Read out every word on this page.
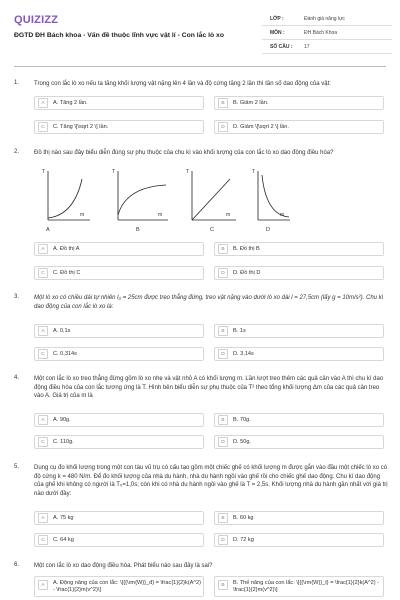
QUIZIZZ
ĐGTD ĐH Bách khoa - Vấn đề thuộc lĩnh vực vật lí - Con lắc lò xo
LỚP :	Đánh giá năng lực
MÔN :	ĐH Bách Khoa
SỐ CÂU :	17
1. Trong con lắc lò xo nếu ta tăng khối lượng vật nặng lên 4 lần và độ cứng tăng 2 lần thì tần số dao động của vật:
A	A. Tăng 2 lần.	B	B. Giảm 2 lần.
C	C. Tăng \[\sqrt 2 \] lần.	D	D. Giảm \[\sqrt 2 \] lần.
2. Đồ thị nào sau đây biểu diễn đúng sự phụ thuộc của chu kì vào khối lượng của con lắc lò xo dao động điều hòa?
T
m
T
m
T
m
T
m
A	B	C	D
A	A. Đồ thị A	B	B. Đồ thị B
C	C. Đồ thị C	D	D. Đồ thị D
3. Một lò xo có chiều dài tự nhiên l₀ = 25cm được treo thẳng đứng, treo vật nặng vào dưới lò xo dài l = 27,5cm (lấy g = 10m/s²). Chu kì dao động của con lắc lò xo là:
A	A. 0,1s	B	B. 1s
C	C. 0,314s	D	D. 3,14s
4. Một con lắc lò xo treo thẳng đứng gồm lò xo nhẹ và vật nhỏ A có khối lượng m. Lần lượt treo thêm các quả cân vào A thì chu kì dao động điều hòa của con lắc tương ứng là T. Hình bên biểu diễn sự phụ thuộc của T² theo tổng khối lượng Δm của các quả cân treo vào A. Giá trị của m là
A	A. 90g.	B	B. 70g.
C	C. 110g.	D	D. 50g.
5. Dụng cụ đo khối lượng trong một con tàu vũ trụ có cấu tạo gồm một chiếc ghế có khối lượng m được gắn vào đầu một chiếc lò xo có độ cứng k = 480 N/m. Để đo khối lượng của nhà du hành, nhà du hành ngồi vào ghế rồi cho chiếc ghế dao động. Chu kì dao động của ghế khi không có người là T₀=1,0s; còn khi có nhà du hành ngồi vào ghế là T = 2,5s. Khối lượng nhà du hành gần nhất với giá trị nào dưới đây:
A	A. 75 kg	B	B. 60 kg
C	C. 64 kg	D	D. 72 kg
6. Một con lắc lò xo dao động điều hòa. Phát biểu nào sau đây là sai?
A	A. Động năng của con lắc: \[{{\rm{W}}_đ} = \frac{1}{2}k(A^2) - \frac{1}{2}m(v^2)\]
B	B. Thế năng của con lắc: \[{{\rm{W}}_t} = \frac{1}{2}k(A^2) - \frac{1}{2}m(v^2)\]
